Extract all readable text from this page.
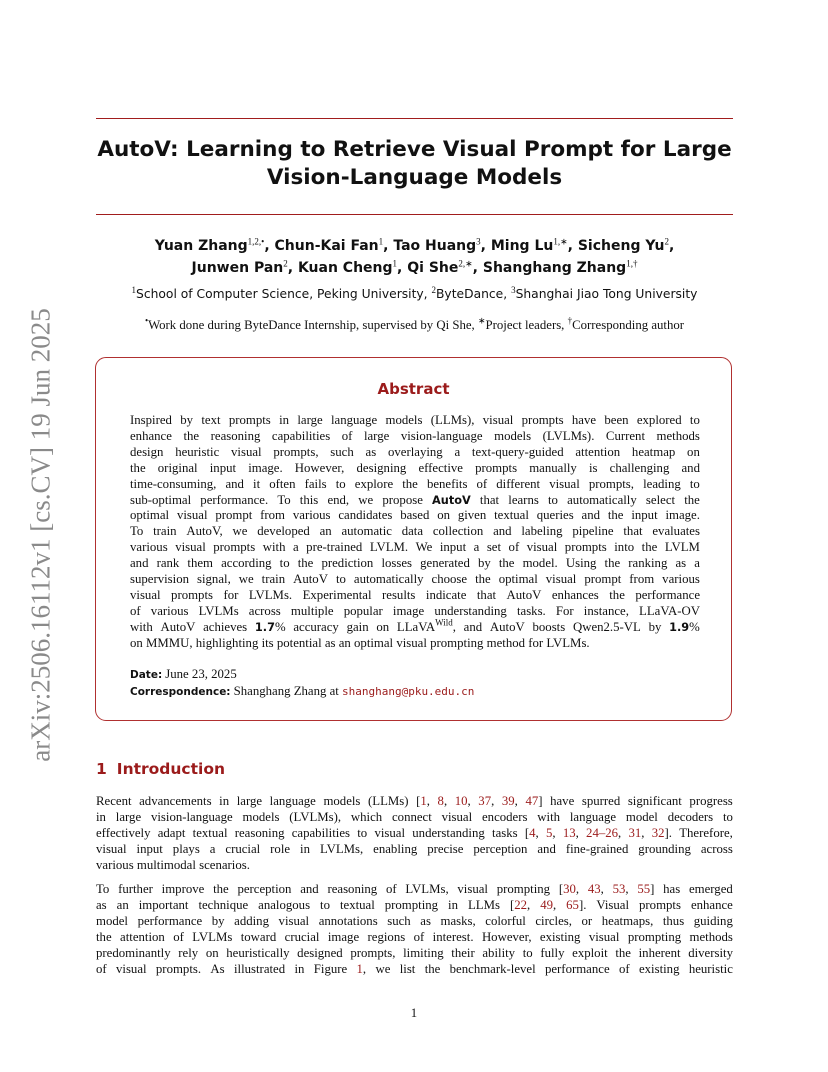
arXiv:2506.16112v1 [cs.CV] 19 Jun 2025
AutoV: Learning to Retrieve Visual Prompt for Large
Vision-Language Models
Yuan Zhang$^{1,2,•}$, Chun-Kai Fan$^1$, Tao Huang$^3$, Ming $Lu^{1,∗}$, Sicheng Yu$^2$,
Junwen Pan$^2$, Kuan Cheng$^1$, Qi She$^{2,∗}$, Shanghang Zhang$^{1,\dagger}$
$^1$School of Computer Science, Peking University, $^2$ByteDance, $^3$Shanghai Jiao Tong University
•Work done during ByteDance Internship, supervised by Qi She, ∗Project leaders, †Corresponding author
Abstract
Inspired by text prompts in large language models (LLMs), visual prompts have been explored to
enhance the reasoning capabilities of large vision-language models (LVLMs). Current methods
design heuristic visual prompts, such as overlaying a text-query-guided attention heatmap on
the original input image. However, designing effective prompts manually is challenging and
time-consuming, and it often fails to explore the benefits of different visual prompts, leading to
sub-optimal performance. To this end, we propose AutoV that learns to automatically select the
optimal visual prompt from various candidates based on given textual queries and the input image.
To train AutoV, we developed an automatic data collection and labeling pipeline that evaluates
various visual prompts with a pre-trained LVLM. We input a set of visual prompts into the LVLM
and rank them according to the prediction losses generated by the model. Using the ranking as a
supervision signal, we train AutoV to automatically choose the optimal visual prompt from various
visual prompts for LVLMs. Experimental results indicate that AutoV enhances the performance
of various LVLMs across multiple popular image understanding tasks. For instance, LLaVA-OV
with AutoV achieves 1.7% accuracy gain on LLaVA$^{Wild}$, and AutoV boosts Qwen2.5-VL by 1.9%
on MMMU, highlighting its potential as an optimal visual prompting method for LVLMs.
Date: June 23, 2025
Correspondence: Shanghang Zhang at shanghang@pku.edu.cn
1 Introduction
Recent advancements in large language models (LLMs) [1, 8, 10, 37, 39, 47] have spurred significant progress
in large vision-language models (LVLMs), which connect visual encoders with language model decoders to
effectively adapt textual reasoning capabilities to visual understanding tasks [4, 5, 13, 24–26, 31, 32]. Therefore,
visual input plays a crucial role in LVLMs, enabling precise perception and fine-grained grounding across
various multimodal scenarios.
To further improve the perception and reasoning of LVLMs, visual prompting [30, 43, 53, 55] has emerged
as an important technique analogous to textual prompting in LLMs [22, 49, 65]. Visual prompts enhance
model performance by adding visual annotations such as masks, colorful circles, or heatmaps, thus guiding
the attention of LVLMs toward crucial image regions of interest. However, existing visual prompting methods
predominantly rely on heuristically designed prompts, limiting their ability to fully exploit the inherent diversity
of visual prompts. As illustrated in Figure 1, we list the benchmark-level performance of existing heuristic
1
